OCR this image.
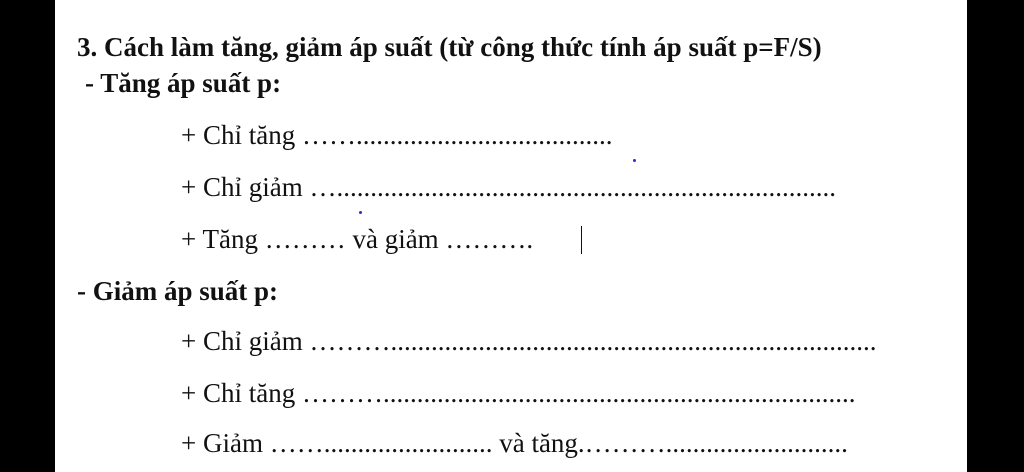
3. Cách làm tăng, giảm áp suất (từ công thức tính áp suất p=F/S)
- Tăng áp suất p:
+ Chỉ tăng ……......................................
+ Chỉ giảm …..........................................................................
+ Tăng ……… và giảm ……….
- Giảm áp suất p:
+ Chỉ giảm ………........................................................................
+ Chỉ tăng ………......................................................................
+ Giảm ……......................... và tăng.………...........................
